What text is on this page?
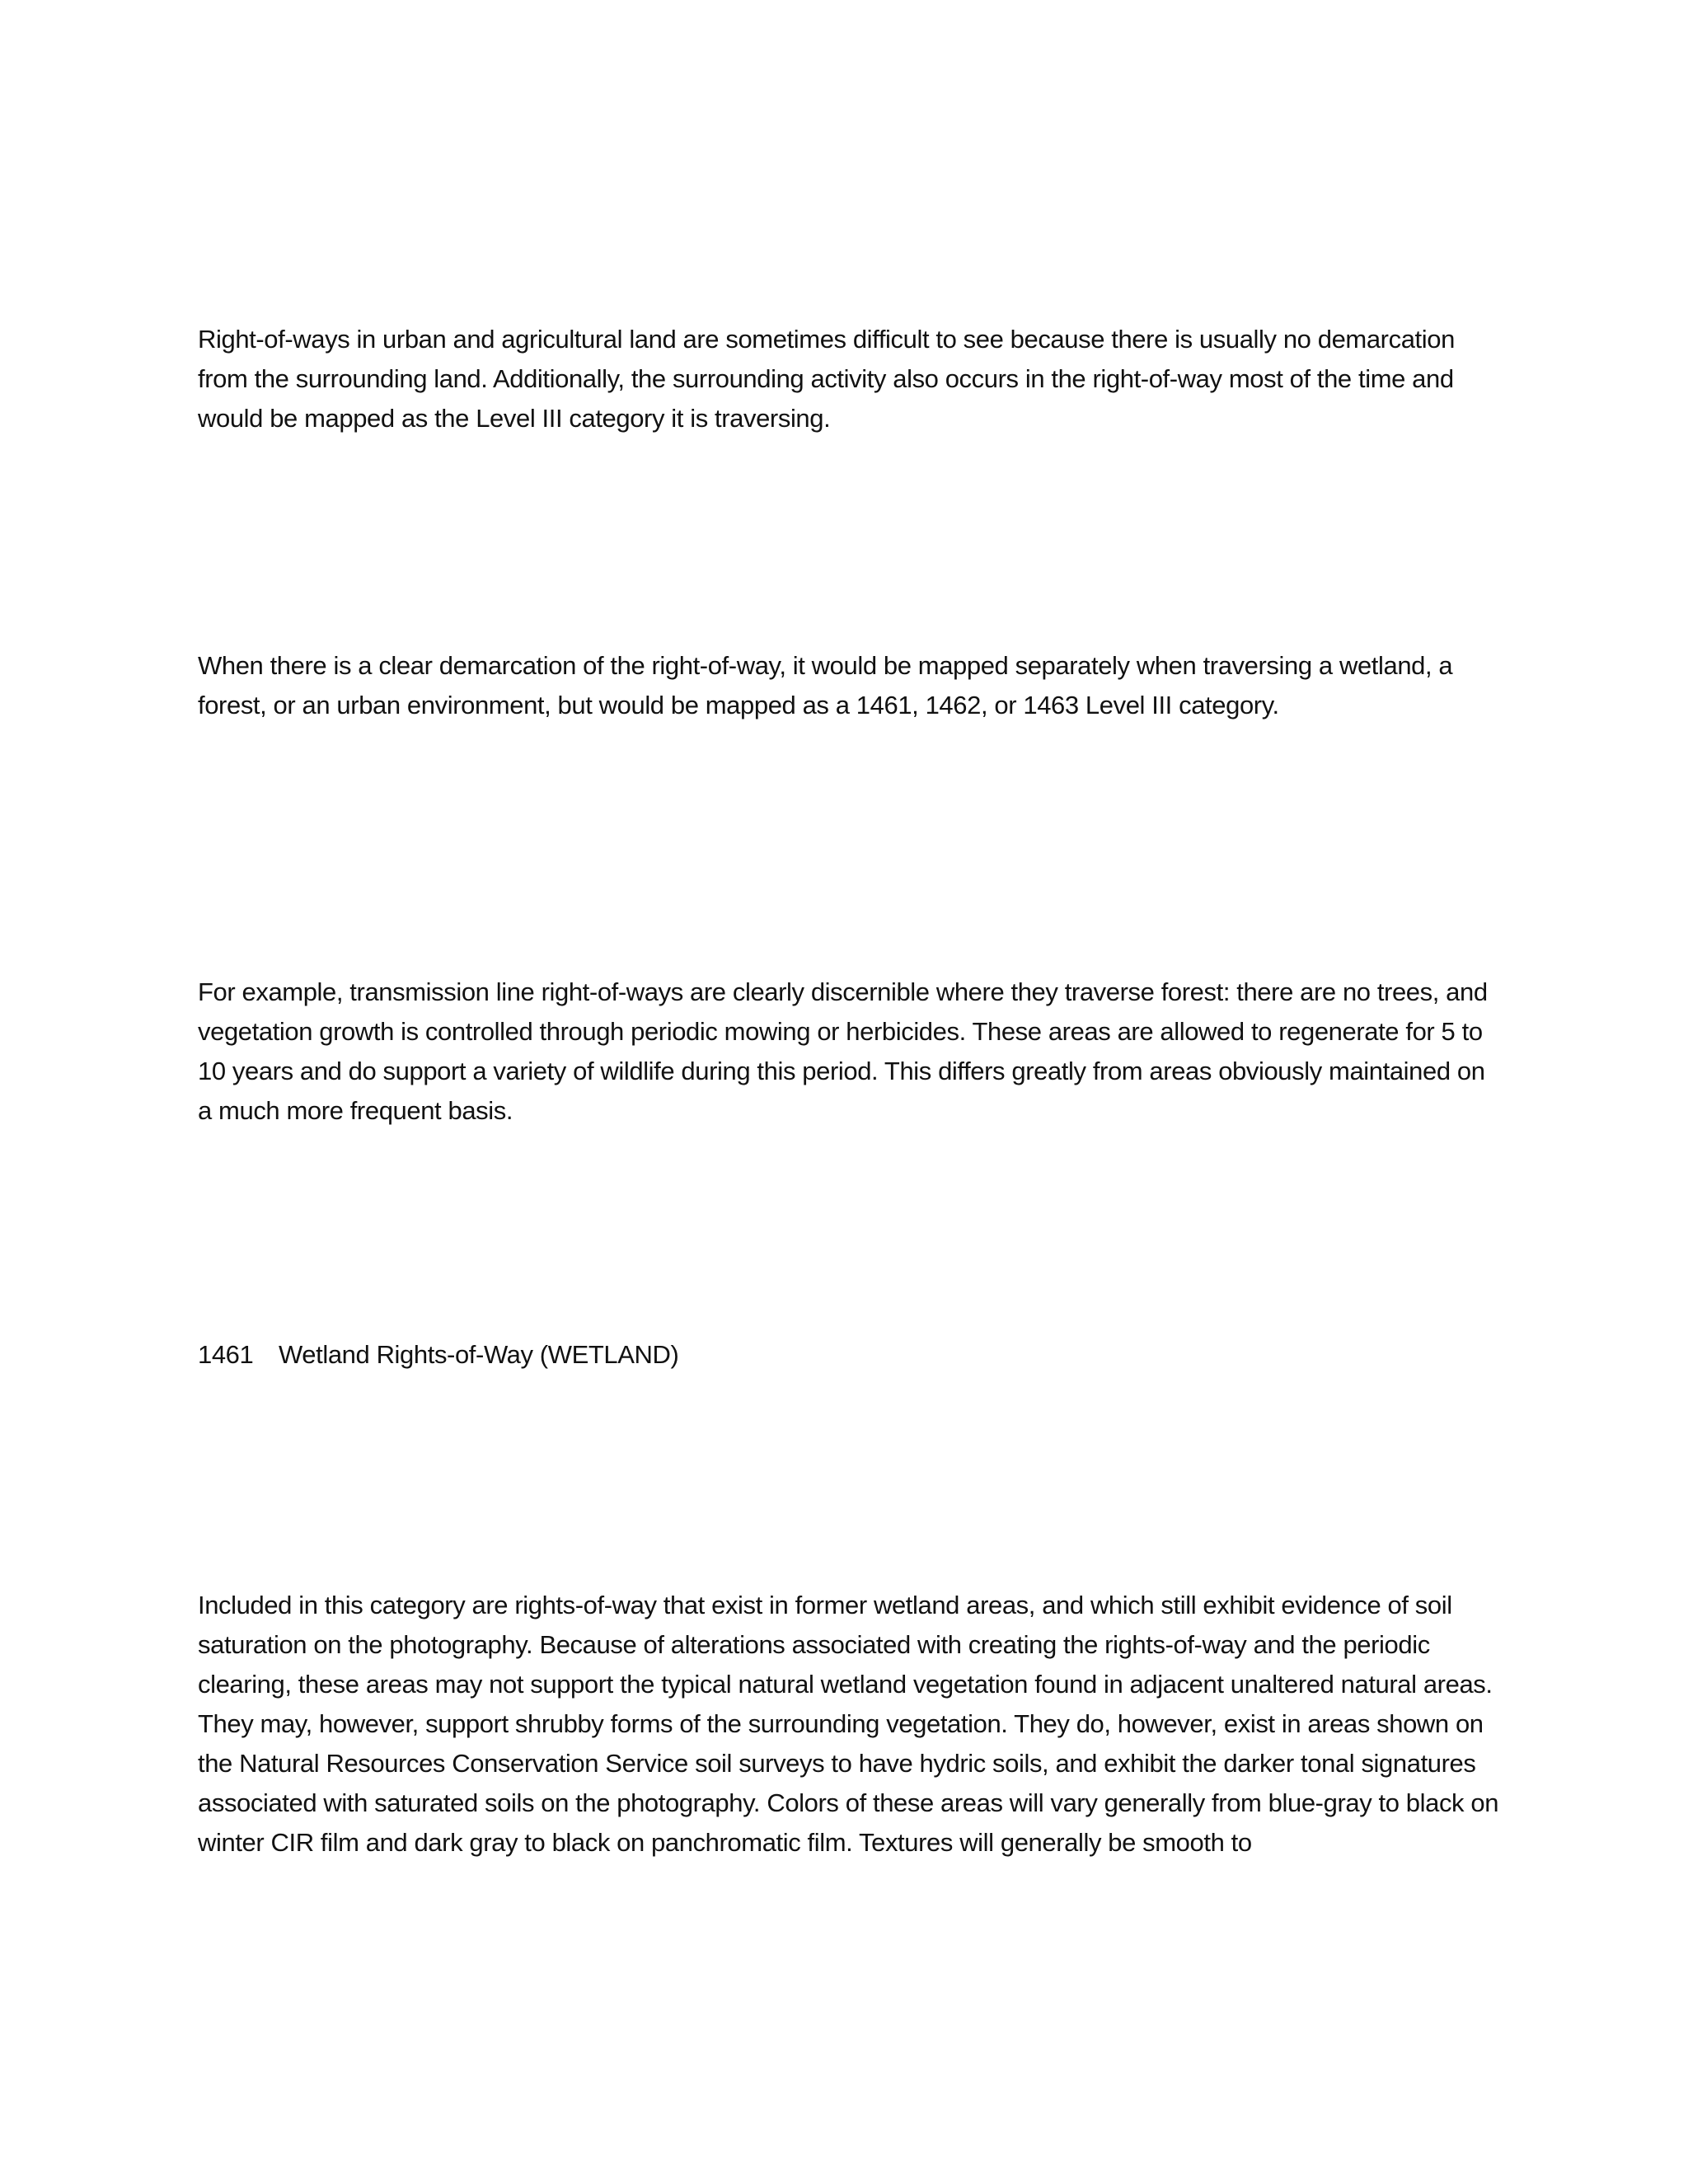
Right-of-ways in urban and agricultural land are sometimes difficult to see because there is usually no demarcation from the surrounding land. Additionally, the surrounding activity also occurs in the right-of-way most of the time and would be mapped as the Level III category it is traversing.

When there is a clear demarcation of the right-of-way, it would be mapped separately when traversing a wetland, a forest, or an urban environment, but would be mapped as a 1461, 1462, or 1463 Level III category.

For example, transmission line right-of-ways are clearly discernible where they traverse forest: there are no trees, and vegetation growth is controlled through periodic mowing or herbicides. These areas are allowed to regenerate for 5 to 10 years and do support a variety of wildlife during this period. This differs greatly from areas obviously maintained on a much more frequent basis.

1461 Wetland Rights-of-Way (WETLAND)

Included in this category are rights-of-way that exist in former wetland areas, and which still exhibit evidence of soil saturation on the photography. Because of alterations associated with creating the rights-of-way and the periodic clearing, these areas may not support the typical natural wetland vegetation found in adjacent unaltered natural areas. They may, however, support shrubby forms of the surrounding vegetation. They do, however, exist in areas shown on the Natural Resources Conservation Service soil surveys to have hydric soils, and exhibit the darker tonal signatures associated with saturated soils on the photography. Colors of these areas will vary generally from blue-gray to black on winter CIR film and dark gray to black on panchromatic film. Textures will generally be smooth to
